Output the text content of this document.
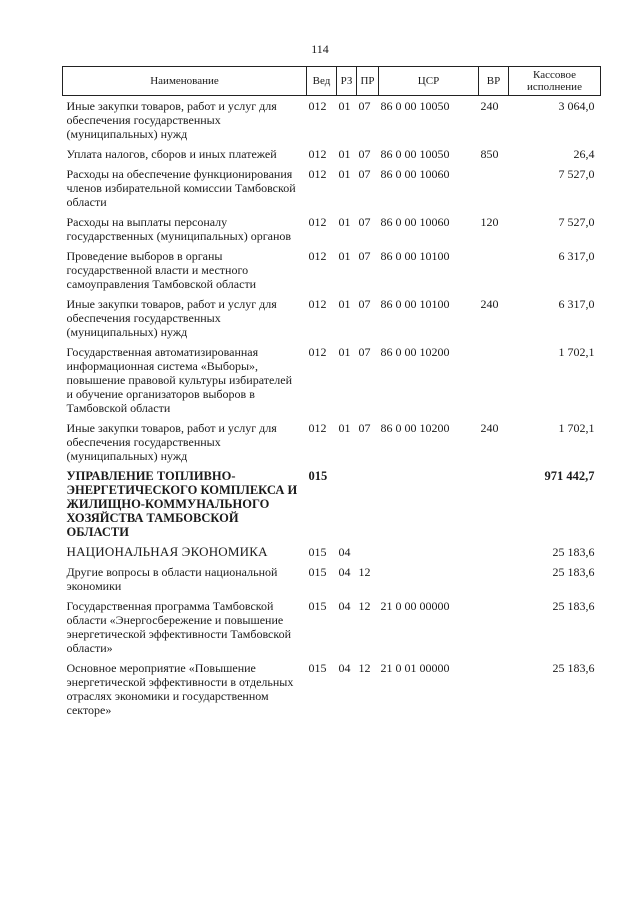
114
Наименование	Вед	РЗ	ПР	ЦСР	ВР	Кассовое исполнение
Иные закупки товаров, работ и услуг для обеспечения государственных (муниципальных) нужд	012	01	07	86 0 00 10050	240	3 064,0
Уплата налогов, сборов и иных платежей	012	01	07	86 0 00 10050	850	26,4
Расходы на обеспечение функционирования членов избирательной комиссии Тамбовской области	012	01	07	86 0 00 10060		7 527,0
Расходы на выплаты персоналу государственных (муниципальных) органов	012	01	07	86 0 00 10060	120	7 527,0
Проведение выборов в органы государственной власти и местного самоуправления Тамбовской области	012	01	07	86 0 00 10100		6 317,0
Иные закупки товаров, работ и услуг для обеспечения государственных (муниципальных) нужд	012	01	07	86 0 00 10100	240	6 317,0
Государственная автоматизированная информационная система «Выборы», повышение правовой культуры избирателей и обучение организаторов выборов в Тамбовской области	012	01	07	86 0 00 10200		1 702,1
Иные закупки товаров, работ и услуг для обеспечения государственных (муниципальных) нужд	012	01	07	86 0 00 10200	240	1 702,1
УПРАВЛЕНИЕ ТОПЛИВНО-ЭНЕРГЕТИЧЕСКОГО КОМПЛЕКСА И ЖИЛИЩНО-КОММУНАЛЬНОГО ХОЗЯЙСТВА ТАМБОВСКОЙ ОБЛАСТИ	015					971 442,7
НАЦИОНАЛЬНАЯ ЭКОНОМИКА	015	04				25 183,6
Другие вопросы в области национальной экономики	015	04	12			25 183,6
Государственная программа Тамбовской области «Энергосбережение и повышение энергетической эффективности Тамбовской области»	015	04	12	21 0 00 00000		25 183,6
Основное мероприятие «Повышение энергетической эффективности в отдельных отраслях экономики и государственном секторе»	015	04	12	21 0 01 00000		25 183,6
